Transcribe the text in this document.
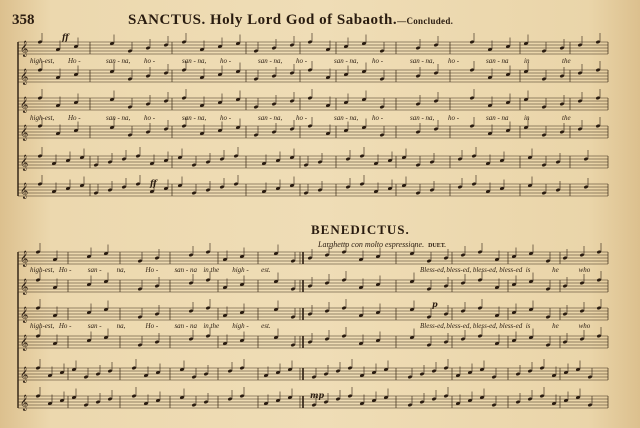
358	SANCTUS. Holy Lord God of Sabaoth.—Concluded.
𝄞
𝄞
𝄞
𝄞
𝄞
𝄞
𝄞
𝄞
𝄞
𝄞
𝄞
𝄞
ff
ff
p
mp
BENEDICTUS.
Larghetto con molto espressione. DUET.
high-est, Ho -	san - na, ho -	san - na, ho -	san - na, ho -	san - na, ho -	san - na, ho -	san - na in	the
high-est, Ho -	san - na, ho -	san - na, ho -	san - na, ho -	san - na, ho -	san - na, ho -	san - na in	the
high-est, Ho - san - na,	Ho - san - na in the high - est.	Bless-ed, bless-ed, bless-ed, bless-ed is	he	who
high-est, Ho - san - na,	Ho - san - na in the high - est.	Bless-ed, bless-ed, bless-ed, bless-ed is	he	who
